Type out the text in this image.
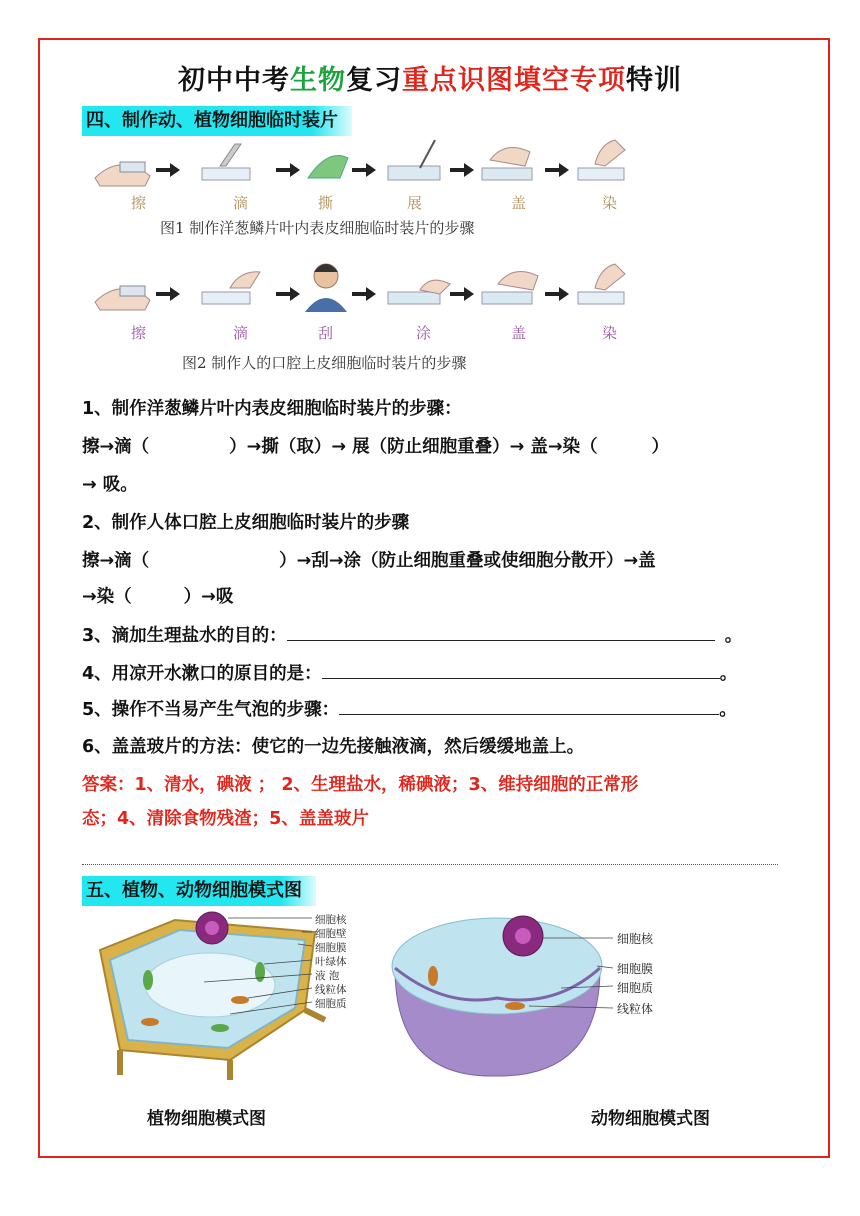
初中中考生物复习重点识图填空专项特训
四、制作动、植物细胞临时装片
擦	滴	撕	展	盖	染
图1 制作洋葱鳞片叶内表皮细胞临时装片的步骤
擦	滴	刮	涂	盖	染
图2 制作人的口腔上皮细胞临时装片的步骤
1、制作洋葱鳞片叶内表皮细胞临时装片的步骤：
擦→滴（	）→撕（取）→ 展（防止细胞重叠）→ 盖→染（	）
→ 吸。
2、制作人体口腔上皮细胞临时装片的步骤
擦→滴（	）→刮→涂（防止细胞重叠或使细胞分散开）→盖
→染（	）→吸
3、滴加生理盐水的目的：	。
4、用凉开水漱口的原目的是：	。
5、操作不当易产生气泡的步骤：	。
6、盖盖玻片的方法：使它的一边先接触液滴，然后缓缓地盖上。
答案：1、清水，碘液 ； 2、生理盐水，稀碘液；3、维持细胞的正常形
态；4、清除食物残渣；5、盖盖玻片
五、植物、动物细胞模式图
细胞核
细胞壁
细胞膜
叶绿体
液 泡
线粒体
细胞质
细胞核
细胞膜
细胞质
线粒体
植物细胞模式图	动物细胞模式图
